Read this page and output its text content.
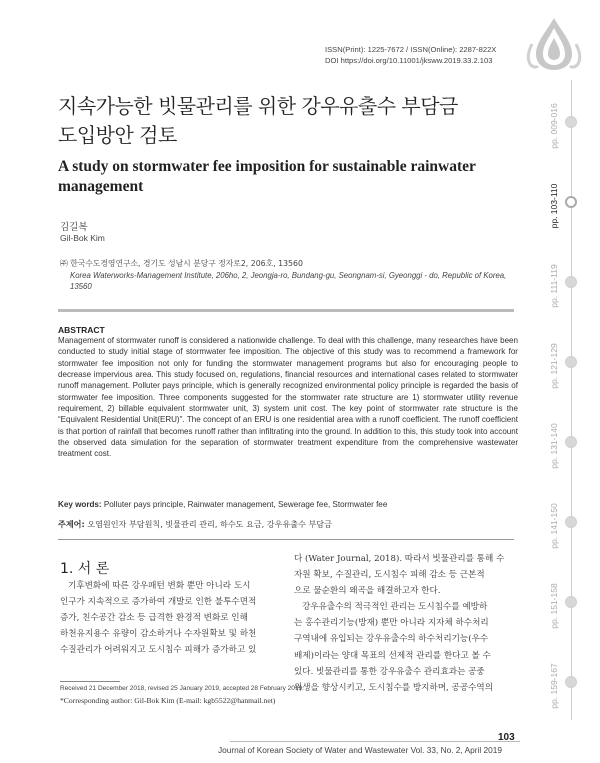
ISSN(Print): 1225-7672 / ISSN(Online): 2287-822X
DOI https://doi.org/10.11001/jksww.2019.33.2.103
지속가능한 빗물관리를 위한 강우유출수 부담금
도입방안 검토
A study on stormwater fee imposition for sustainable rainwater management
김길복
Gil-Bok Kim
㈜ 한국수도경영연구소, 경기도 성남시 분당구 정자로2, 206호, 13560
Korea Waterworks-Management Institute, 206ho, 2, Jeongja-ro, Bundang-gu, Seongnam-si, Gyeonggi - do, Republic of Korea, 13560
ABSTRACT
Management of stormwater runoff is considered a nationwide challenge. To deal with this challenge, many researches have been conducted to study initial stage of stormwater fee imposition. The objective of this study was to recommend a framework for stormwater fee imposition not only for funding the stormwater management programs but also for encouraging people to decrease impervious area. This study focused on, regulations, financial resources and international cases related to stormwater runoff management. Polluter pays principle, which is generally recognized environmental policy principle is regarded the basis of stormwater fee imposition. Three components suggested for the stormwater rate structure are 1) stormwater utility revenue requirement, 2) billable equivalent stormwater unit, 3) system unit cost. The key point of stormwater rate structure is the “Equivalent Residential Unit(ERU)”. The concept of an ERU is one residential area with a runoff coefficient. The runoff coefficient is that portion of rainfall that becomes runoff rather than infiltrating into the ground. In addition to this, this study took into account the observed data simulation for the separation of stormwater treatment expenditure from the comprehensive wastewater treatment cost.
Key words: Polluter pays principle, Rainwater management, Sewerage fee, Stormwater fee
주제어: 오염원인자 부담원칙, 빗물관리 관리, 하수도 요금, 강우유출수 부담금
1. 서 론
기후변화에 따른 강우패턴 변화 뿐만 아니라 도시
인구가 지속적으로 증가하여 개발로 인한 불투수면적
증가, 친수공간 감소 등 급격한 환경적 변화로 인해
하천유지용수 유량이 감소하거나 수자원확보 및 하천
수질관리가 어려워지고 도시침수 피해가 증가하고 있
다 (Water Journal, 2018). 따라서 빗물관리를 통해 수
자원 확보, 수질관리, 도시침수 피해 감소 등 근본적
으로 물순환의 왜곡을 해결하고자 한다.
강우유출수의 적극적인 관리는 도시침수를 예방하
는 홍수관리기능(방재) 뿐만 아니라 지자체 하수처리
구역내에 유입되는 강우유출수의 하수처리기능(우수
배제)이라는 양대 목표의 선제적 관리를 한다고 볼 수
있다. 빗물관리를 통한 강우유출수 관리효과는 공중
위생을 향상시키고, 도시침수를 방지하며, 공공수역의
Received 21 December 2018, revised 25 January 2019, accepted 28 February 2019.
*Corresponding author: Gil-Bok Kim (E-mail: kgb5522@hanmail.net)
103
Journal of Korean Society of Water and Wastewater Vol. 33, No. 2, April 2019
pp. 009-016
pp. 103-110
pp. 111-119
pp. 121-129
pp. 131-140
pp. 141-150
pp. 151-158
pp. 159-167
